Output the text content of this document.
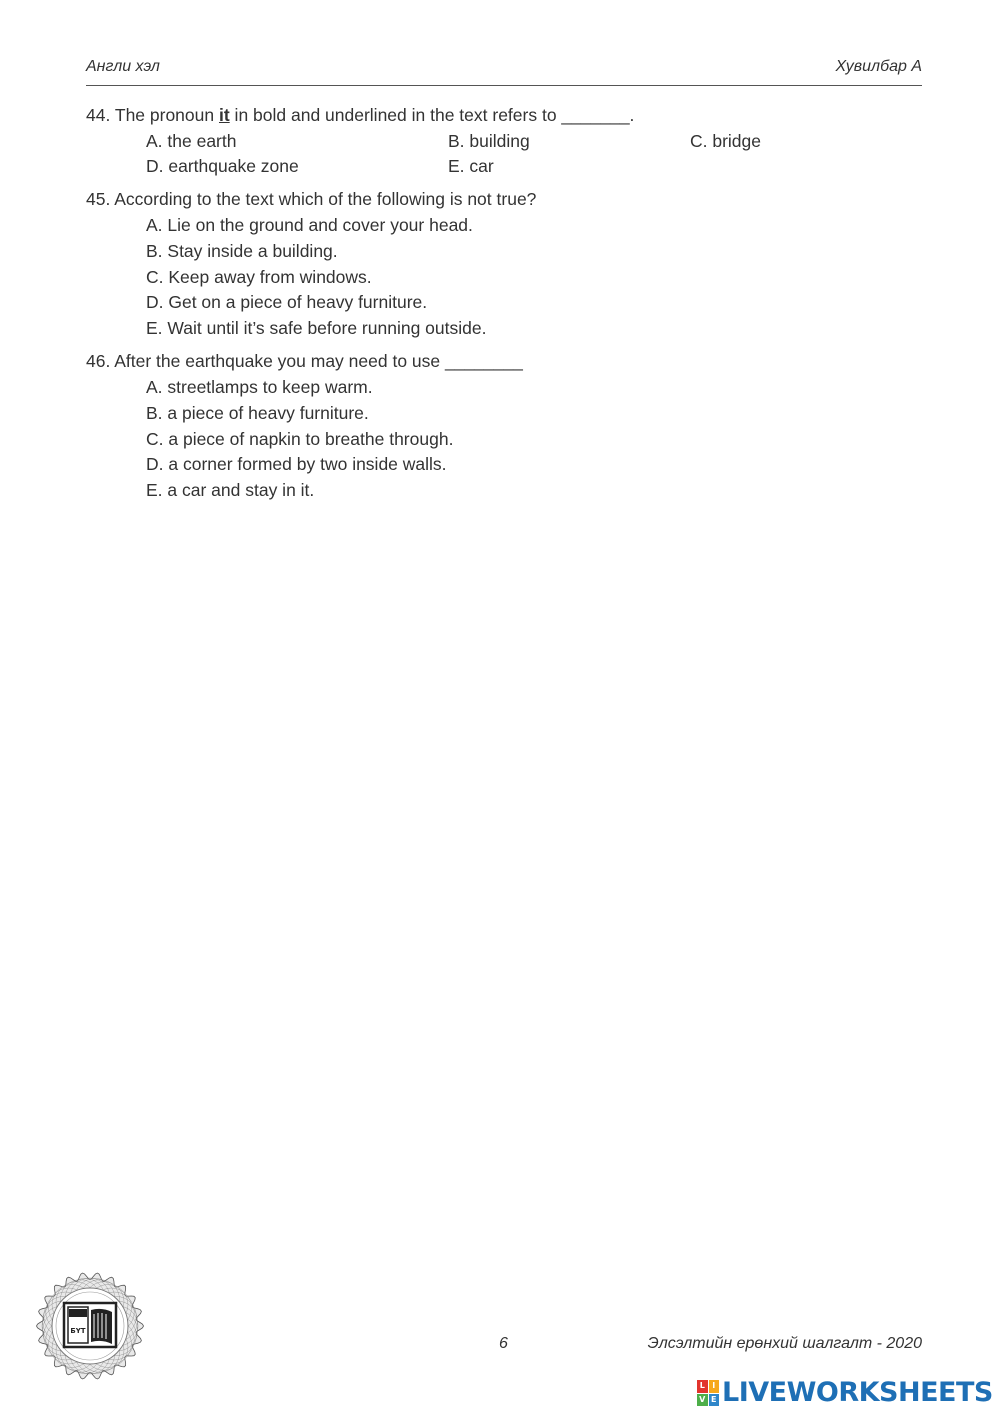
Англи хэл	Хувилбар А
44. The pronoun it in bold and underlined in the text refers to _______.
A. the earth	B. building	C. bridge
D. earthquake zone	E. car
45. According to the text which of the following is not true?
A. Lie on the ground and cover your head.
B. Stay inside a building.
C. Keep away from windows.
D. Get on a piece of heavy furniture.
E. Wait until it’s safe before running outside.
46. After the earthquake you may need to use ________
A. streetlamps to keep warm.
B. a piece of heavy furniture.
C. a piece of napkin to breathe through.
D. a corner formed by two inside walls.
E. a car and stay in it.
БҮТ
6	Элсэлтийн ерөнхий шалгалт - 2020
L I
V E LIVEWORKSHEETS
